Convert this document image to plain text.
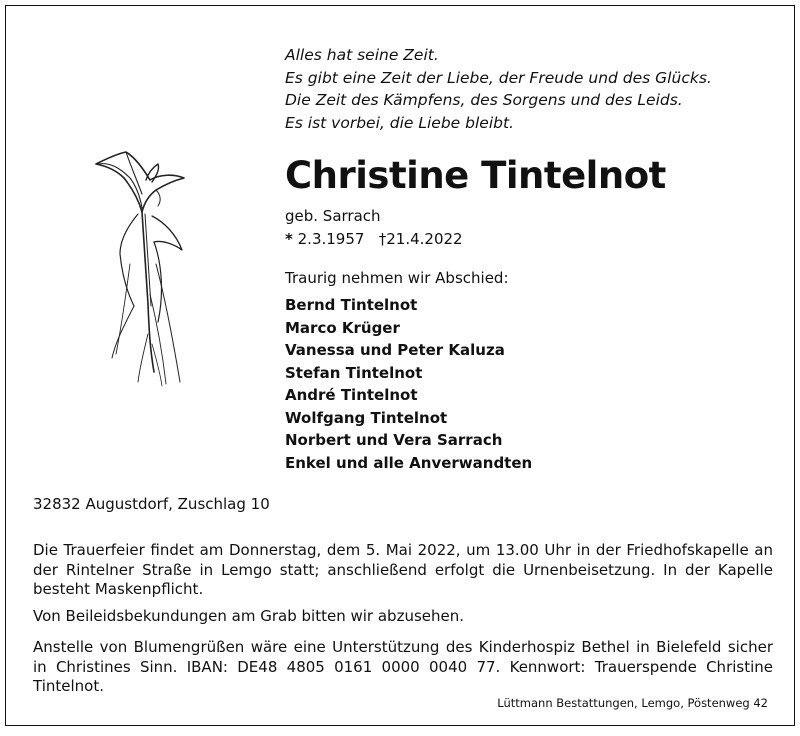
Alles hat seine Zeit.
Es gibt eine Zeit der Liebe, der Freude und des Glücks.
Die Zeit des Kämpfens, des Sorgens und des Leids.
Es ist vorbei, die Liebe bleibt.
Christine Tintelnot
geb. Sarrach
* 2.3.1957 †21.4.2022
Traurig nehmen wir Abschied:
Bernd Tintelnot
Marco Krüger
Vanessa und Peter Kaluza
Stefan Tintelnot
André Tintelnot
Wolfgang Tintelnot
Norbert und Vera Sarrach
Enkel und alle Anverwandten
32832 Augustdorf, Zuschlag 10
Die Trauerfeier findet am Donnerstag, dem 5. Mai 2022, um 13.00 Uhr in der Friedhofskapelle an der Rintelner Straße in Lemgo statt; anschließend erfolgt die Urnenbeisetzung. In der Kapelle besteht Maskenpflicht.
Von Beileidsbekundungen am Grab bitten wir abzusehen.
Anstelle von Blumengrüßen wäre eine Unterstützung des Kinderhospiz Bethel in Bielefeld sicher in Christines Sinn. IBAN: DE48 4805 0161 0000 0040 77. Kennwort: Trauerspende Christine Tintelnot.
Lüttmann Bestattungen, Lemgo, Pöstenweg 42
